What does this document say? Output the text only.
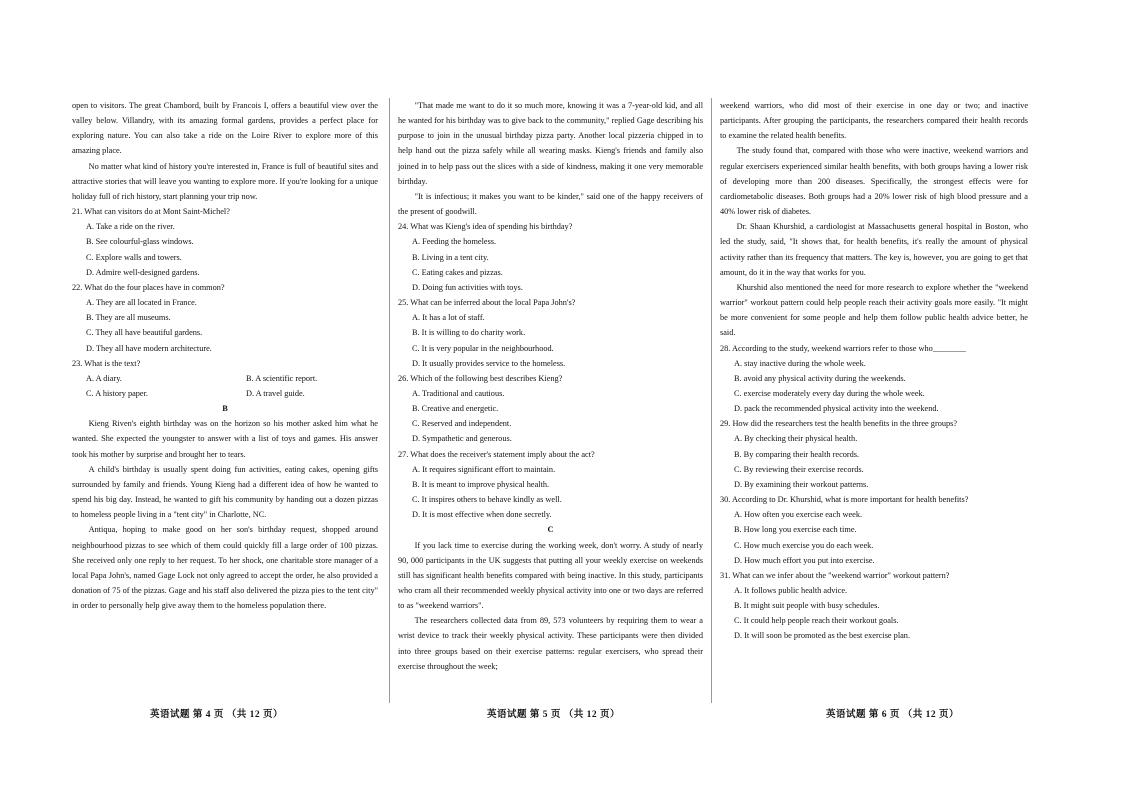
open to visitors. The great Chambord, built by Francois I, offers a beautiful view over the valley below. Villandry, with its amazing formal gardens, provides a perfect place for exploring nature. You can also take a ride on the Loire River to explore more of this amazing place.

No matter what kind of history you're interested in, France is full of beautiful sites and attractive stories that will leave you wanting to explore more. If you're looking for a unique holiday full of rich history, start planning your trip now.

21. What can visitors do at Mont Saint-Michel?

A. Take a ride on the river.

B. See colourful-glass windows.

C. Explore walls and towers.

D. Admire well-designed gardens.

22. What do the four places have in common?

A. They are all located in France.

B. They are all museums.

C. They all have beautiful gardens.

D. They all have modern architecture.

23. What is the text?

A. A diary.	B. A scientific report.
C. A history paper.	D. A travel guide.

B

Kieng Riven's eighth birthday was on the horizon so his mother asked him what he wanted. She expected the youngster to answer with a list of toys and games. His answer took his mother by surprise and brought her to tears.

A child's birthday is usually spent doing fun activities, eating cakes, opening gifts surrounded by family and friends. Young Kieng had a different idea of how he wanted to spend his big day. Instead, he wanted to gift his community by handing out a dozen pizzas to homeless people living in a "tent city" in Charlotte, NC.

Antiqua, hoping to make good on her son's birthday request, shopped around neighbourhood pizzas to see which of them could quickly fill a large order of 100 pizzas. She received only one reply to her request. To her shock, one charitable store manager of a local Papa John's, named Gage Lock not only agreed to accept the order, he also provided a donation of 75 of the pizzas. Gage and his staff also delivered the pizza pies to the tent city" in order to personally help give away them to the homeless population there.

"That made me want to do it so much more, knowing it was a 7-year-old kid, and all he wanted for his birthday was to give back to the community," replied Gage describing his purpose to join in the unusual birthday pizza party. Another local pizzeria chipped in to help hand out the pizza safely while all wearing masks. Kieng's friends and family also joined in to help pass out the slices with a side of kindness, making it one very memorable birthday.

"It is infectious; it makes you want to be kinder," said one of the happy receivers of the present of goodwill.

24. What was Kieng's idea of spending his birthday?

A. Feeding the homeless.

B. Living in a tent city.

C. Eating cakes and pizzas.

D. Doing fun activities with toys.

25. What can be inferred about the local Papa John's?

A. It has a lot of staff.

B. It is willing to do charity work.

C. It is very popular in the neighbourhood.

D. It usually provides service to the homeless.

26. Which of the following best describes Kieng?

A. Traditional and cautious.

B. Creative and energetic.

C. Reserved and independent.

D. Sympathetic and generous.

27. What does the receiver's statement imply about the act?

A. It requires significant effort to maintain.

B. It is meant to improve physical health.

C. It inspires others to behave kindly as well.

D. It is most effective when done secretly.

C

If you lack time to exercise during the working week, don't worry. A study of nearly 90, 000 participants in the UK suggests that putting all your weekly exercise on weekends still has significant health benefits compared with being inactive. In this study, participants who cram all their recommended weekly physical activity into one or two days are referred to as "weekend warriors".

The researchers collected data from 89, 573 volunteers by requiring them to wear a wrist device to track their weekly physical activity. These participants were then divided into three groups based on their exercise patterns: regular exercisers, who spread their exercise throughout the week;

weekend warriors, who did most of their exercise in one day or two; and inactive participants. After grouping the participants, the researchers compared their health records to examine the related health benefits.

The study found that, compared with those who were inactive, weekend warriors and regular exercisers experienced similar health benefits, with both groups having a lower risk of developing more than 200 diseases. Specifically, the strongest effects were for cardiometabolic diseases. Both groups had a 20% lower risk of high blood pressure and a 40% lower risk of diabetes.

Dr. Shaan Khurshid, a cardiologist at Massachusetts general hospital in Boston, who led the study, said, "It shows that, for health benefits, it's really the amount of physical activity rather than its frequency that matters. The key is, however, you are going to get that amount, do it in the way that works for you.

Khurshid also mentioned the need for more research to explore whether the "weekend warrior" workout pattern could help people reach their activity goals more easily. "It might be more convenient for some people and help them follow public health advice better, he said.

28. According to the study, weekend warriors refer to those who________

A. stay inactive during the whole week.

B. avoid any physical activity during the weekends.

C. exercise moderately every day during the whole week.

D. pack the recommended physical activity into the weekend.

29. How did the researchers test the health benefits in the three groups?

A. By checking their physical health.

B. By comparing their health records.

C. By reviewing their exercise records.

D. By examining their workout patterns.

30. According to Dr. Khurshid, what is more important for health benefits?

A. How often you exercise each week.

B. How long you exercise each time.

C. How much exercise you do each week.

D. How much effort you put into exercise.

31. What can we infer about the "weekend warrior" workout pattern?

A. It follows public health advice.

B. It might suit people with busy schedules.

C. It could help people reach their workout goals.

D. It will soon be promoted as the best exercise plan.

英语试题 第 4 页 （共 12 页）	英语试题 第 5 页 （共 12 页）	英语试题 第 6 页 （共 12 页）
